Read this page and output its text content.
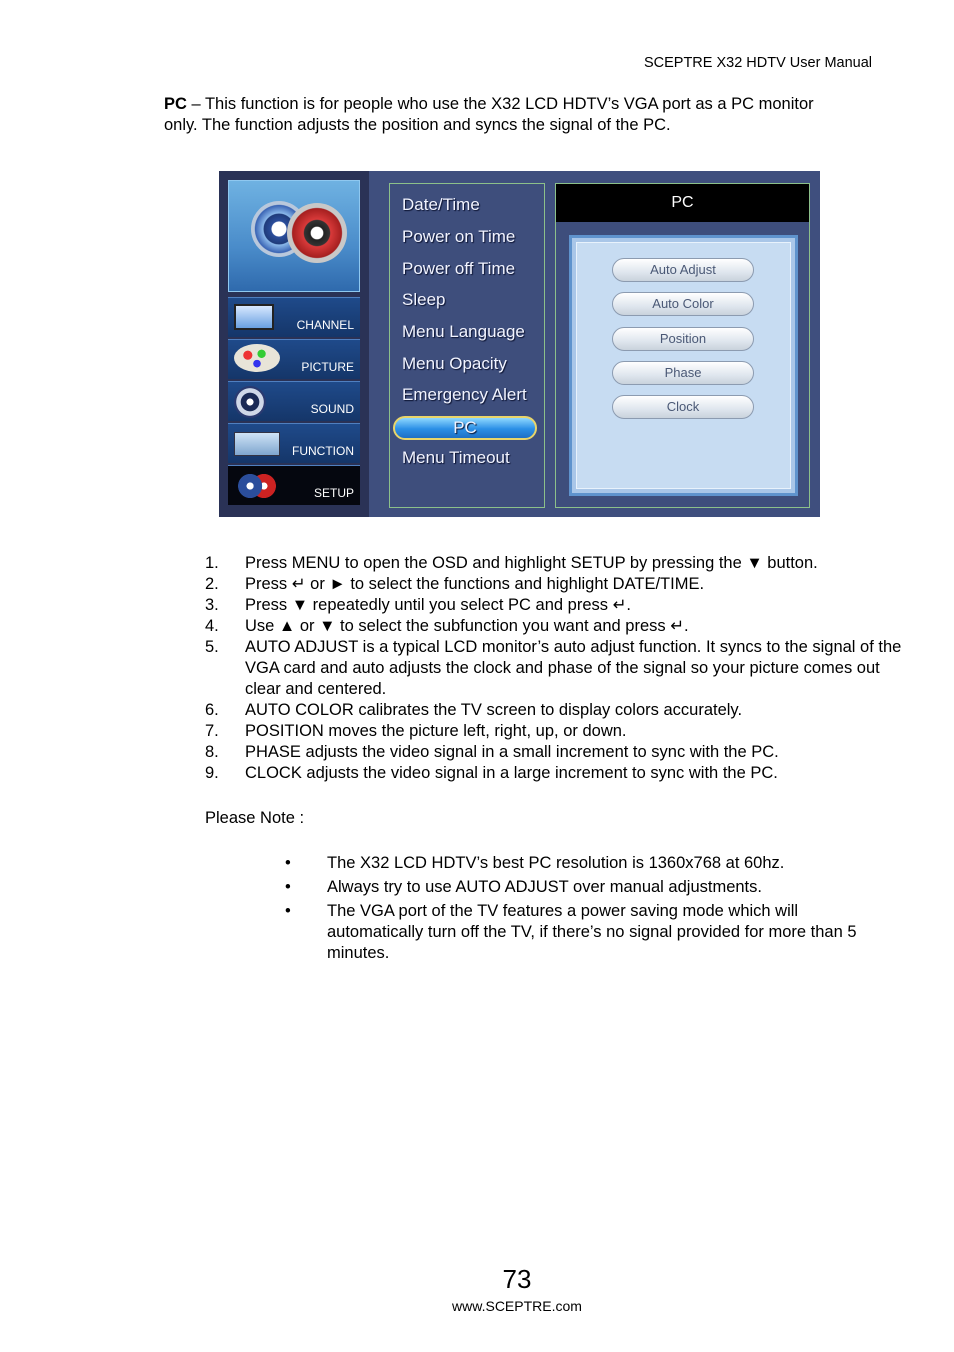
SCEPTRE X32 HDTV User Manual
PC – This function is for people who use the X32 LCD HDTV’s VGA port as a PC monitor only. The function adjusts the position and syncs the signal of the PC.
CHANNEL
PICTURE
SOUND
FUNCTION
SETUP
Date/Time
Power on Time
Power off Time
Sleep
Menu Language
Menu Opacity
Emergency Alert
PC
Menu Timeout
PC
Auto Adjust
Auto Color
Position
Phase
Clock
1. Press MENU to open the OSD and highlight SETUP by pressing the ▼ button.
2. Press ↵ or ► to select the functions and highlight DATE/TIME.
3. Press ▼ repeatedly until you select PC and press ↵.
4. Use ▲ or ▼ to select the subfunction you want and press ↵.
5. AUTO ADJUST is a typical LCD monitor’s auto adjust function. It syncs to the signal of the VGA card and auto adjusts the clock and phase of the signal so your picture comes out clear and centered.
6. AUTO COLOR calibrates the TV screen to display colors accurately.
7. POSITION moves the picture left, right, up, or down.
8. PHASE adjusts the video signal in a small increment to sync with the PC.
9. CLOCK adjusts the video signal in a large increment to sync with the PC.
Please Note :
• The X32 LCD HDTV’s best PC resolution is 1360x768 at 60hz.
• Always try to use AUTO ADJUST over manual adjustments.
• The VGA port of the TV features a power saving mode which will automatically turn off the TV, if there’s no signal provided for more than 5 minutes.
73
www.SCEPTRE.com
